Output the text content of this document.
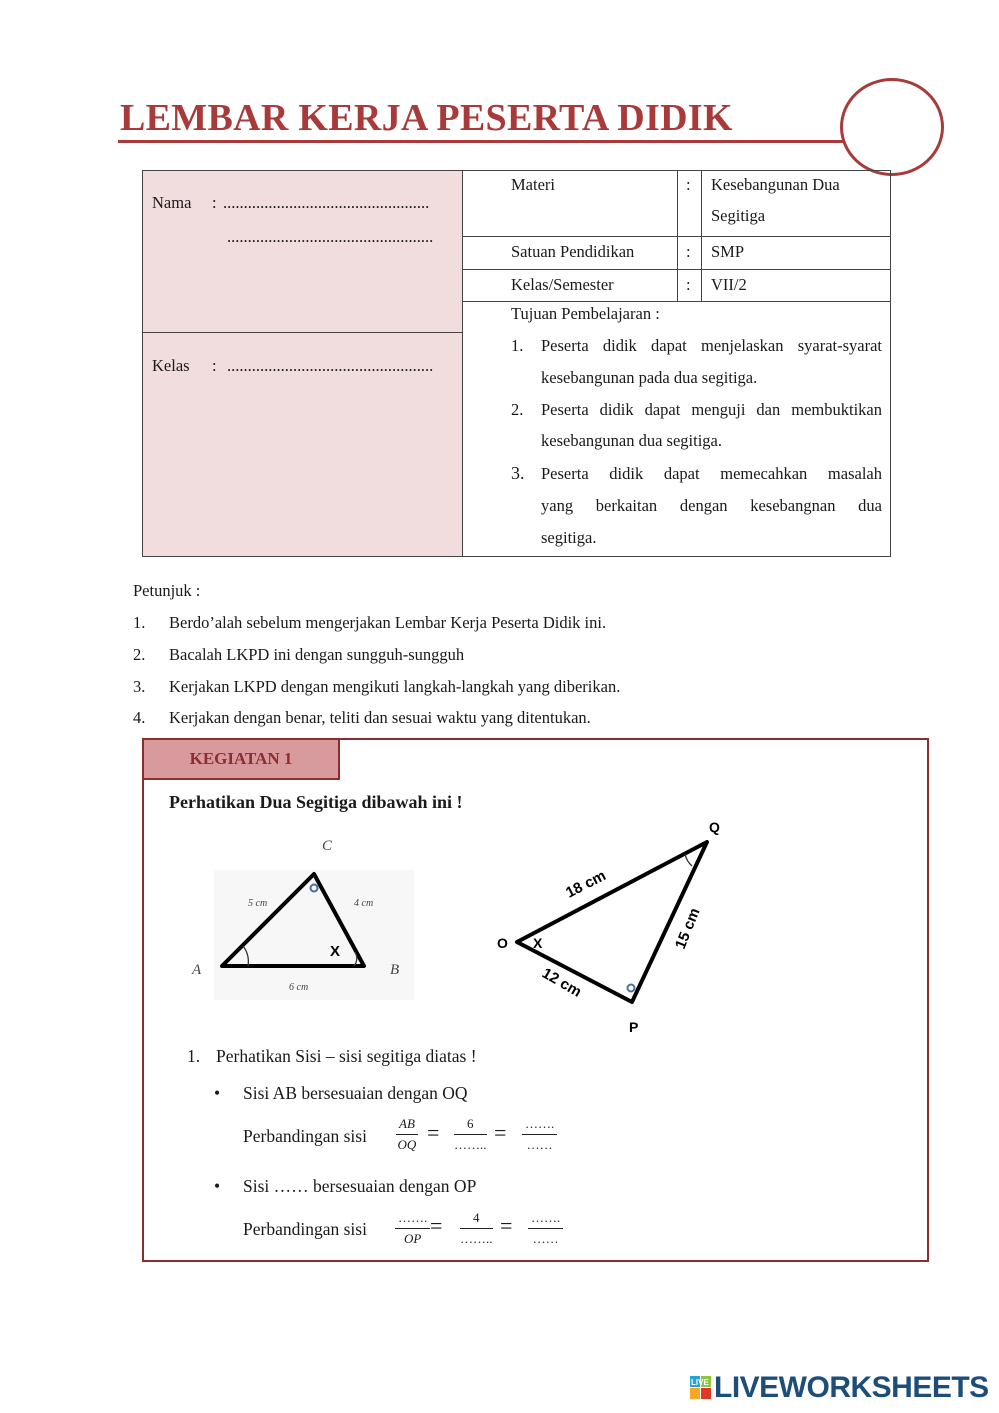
LEMBAR KERJA PESERTA DIDIK
Nama : ..................................................
..................................................
Kelas : ..................................................
Materi	: Kesebangunan Dua
Segitiga
Satuan Pendidikan	: SMP
Kelas/Semester	: VII/2
Tujuan Pembelajaran :
1. Peserta didik dapat menjelaskan syarat-syarat
kesebangunan pada dua segitiga.
2. Peserta didik dapat menguji dan membuktikan
kesebangunan dua segitiga.
3. Peserta didik dapat memecahkan masalah
yang berkaitan dengan kesebangnan dua
segitiga.
Petunjuk :
1. Berdo’alah sebelum mengerjakan Lembar Kerja Peserta Didik ini.
2. Bacalah LKPD ini dengan sungguh-sungguh
3. Kerjakan LKPD dengan mengikuti langkah-langkah yang diberikan.
4. Kerjakan dengan benar, teliti dan sesuai waktu yang ditentukan.
KEGIATAN 1
Perhatikan Dua Segitiga dibawah ini !
C
A	B
5 cm	4 cm
6 cm
X
Q
O
P
X
18 cm
15 cm
12 cm
1. Perhatikan Sisi – sisi segitiga diatas !
• Sisi AB bersesuaian dengan OQ
Perbandingan sisi $\frac{AB}{OQ}$ =	6
…….. = …….
……
• Sisi …… bersesuaian dengan OP
Perbandingan sisi
…….
OP
=	4
……..
= …….
……
LIVE LIVEWORKSHEETS
